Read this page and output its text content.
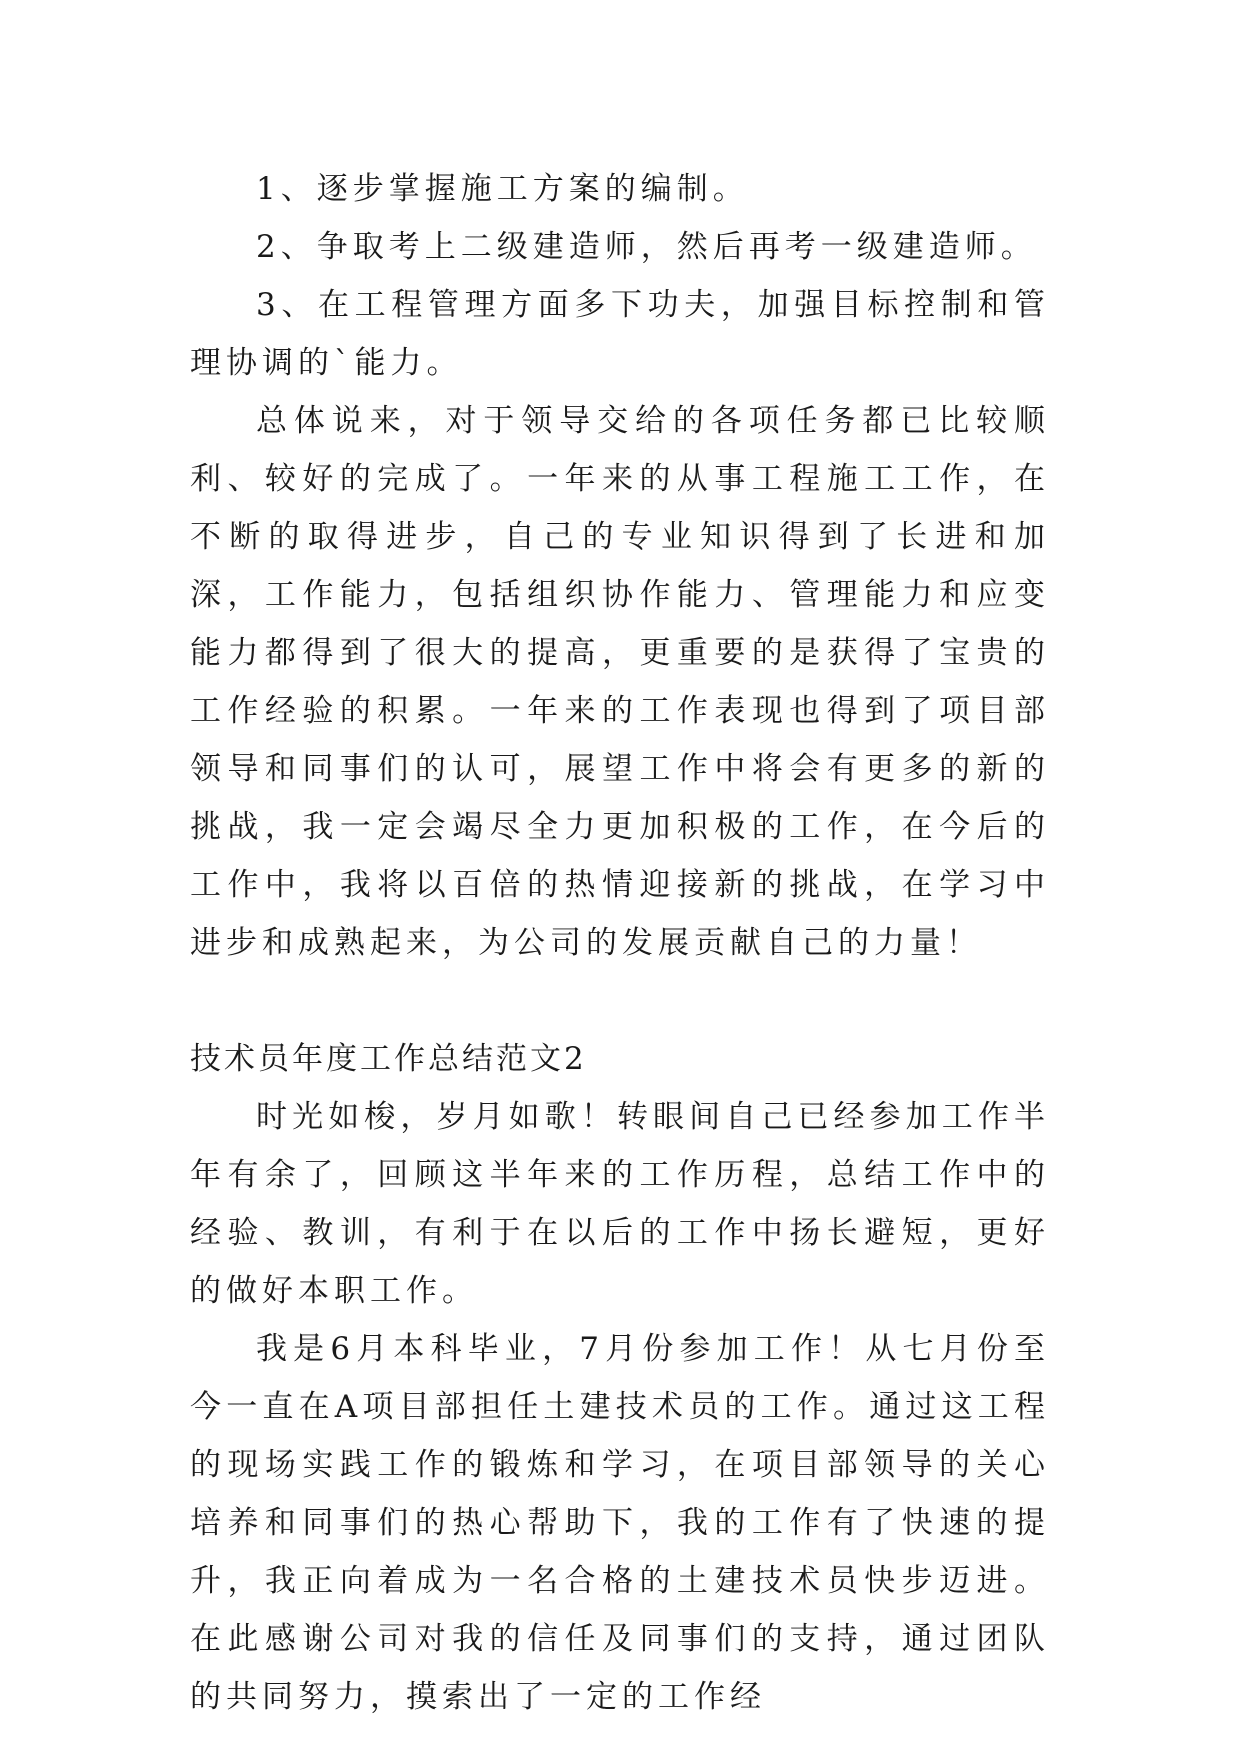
1、逐步掌握施工方案的编制。

2、争取考上二级建造师，然后再考一级建造师。

3、在工程管理方面多下功夫，加强目标控制和管理协调的`能力。

总体说来，对于领导交给的各项任务都已比较顺利、较好的完成了。一年来的从事工程施工工作，在不断的取得进步，自己的专业知识得到了长进和加深，工作能力，包括组织协作能力、管理能力和应变能力都得到了很大的提高，更重要的是获得了宝贵的工作经验的积累。一年来的工作表现也得到了项目部领导和同事们的认可，展望工作中将会有更多的新的挑战，我一定会竭尽全力更加积极的工作，在今后的工作中，我将以百倍的热情迎接新的挑战，在学习中进步和成熟起来，为公司的发展贡献自己的力量！

技术员年度工作总结范文2

时光如梭，岁月如歌！转眼间自己已经参加工作半年有余了，回顾这半年来的工作历程，总结工作中的经验、教训，有利于在以后的工作中扬长避短，更好的做好本职工作。

我是6月本科毕业，7月份参加工作！从七月份至今一直在A项目部担任土建技术员的工作。通过这工程的现场实践工作的锻炼和学习，在项目部领导的关心培养和同事们的热心帮助下，我的工作有了快速的提升，我正向着成为一名合格的土建技术员快步迈进。在此感谢公司对我的信任及同事们的支持，通过团队的共同努力，摸索出了一定的工作经
